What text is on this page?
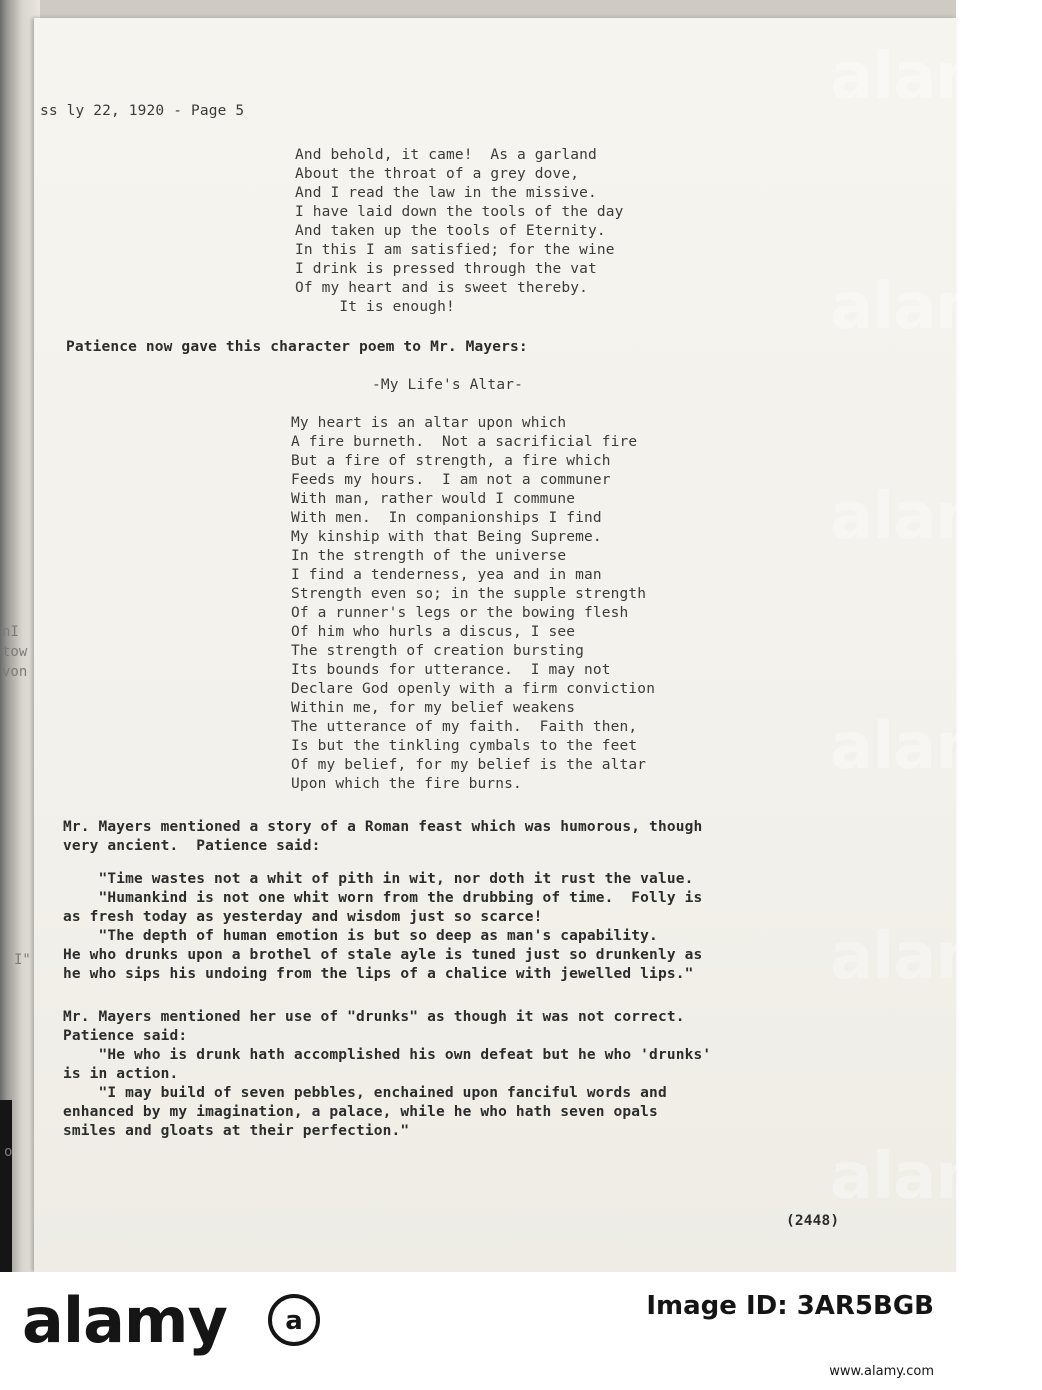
nI
tow
von
I"
o
ss ly 22, 1920 - Page 5
And behold, it came!  As a garland
About the throat of a grey dove,
And I read the law in the missive.
I have laid down the tools of the day
And taken up the tools of Eternity.
In this I am satisfied; for the wine
I drink is pressed through the vat
Of my heart and is sweet thereby.
It is enough!
Patience now gave this character poem to Mr. Mayers:
-My Life's Altar-
My heart is an altar upon which
A fire burneth.  Not a sacrificial fire
But a fire of strength, a fire which
Feeds my hours.  I am not a communer
With man, rather would I commune
With men.  In companionships I find
My kinship with that Being Supreme.
In the strength of the universe
I find a tenderness, yea and in man
Strength even so; in the supple strength
Of a runner's legs or the bowing flesh
Of him who hurls a discus, I see
The strength of creation bursting
Its bounds for utterance.  I may not
Declare God openly with a firm conviction
Within me, for my belief weakens
The utterance of my faith.  Faith then,
Is but the tinkling cymbals to the feet
Of my belief, for my belief is the altar
Upon which the fire burns.
Mr. Mayers mentioned a story of a Roman feast which was humorous, though
very ancient.  Patience said:
"Time wastes not a whit of pith in wit, nor doth it rust the value.
"Humankind is not one whit worn from the drubbing of time.  Folly is
as fresh today as yesterday and wisdom just so scarce!
"The depth of human emotion is but so deep as man's capability.
He who drunks upon a brothel of stale ayle is tuned just so drunkenly as
he who sips his undoing from the lips of a chalice with jewelled lips."
Mr. Mayers mentioned her use of "drunks" as though it was not correct.
Patience said:
"He who is drunk hath accomplished his own defeat but he who 'drunks'
is in action.
"I may build of seven pebbles, enchained upon fanciful words and
enhanced by my imagination, a palace, while he who hath seven opals
smiles and gloats at their perfection."
(2448)
alamy
alamy
alamy
alamy
alamy
alamy
alamy a	Image ID: 3AR5BGB
www.alamy.com
